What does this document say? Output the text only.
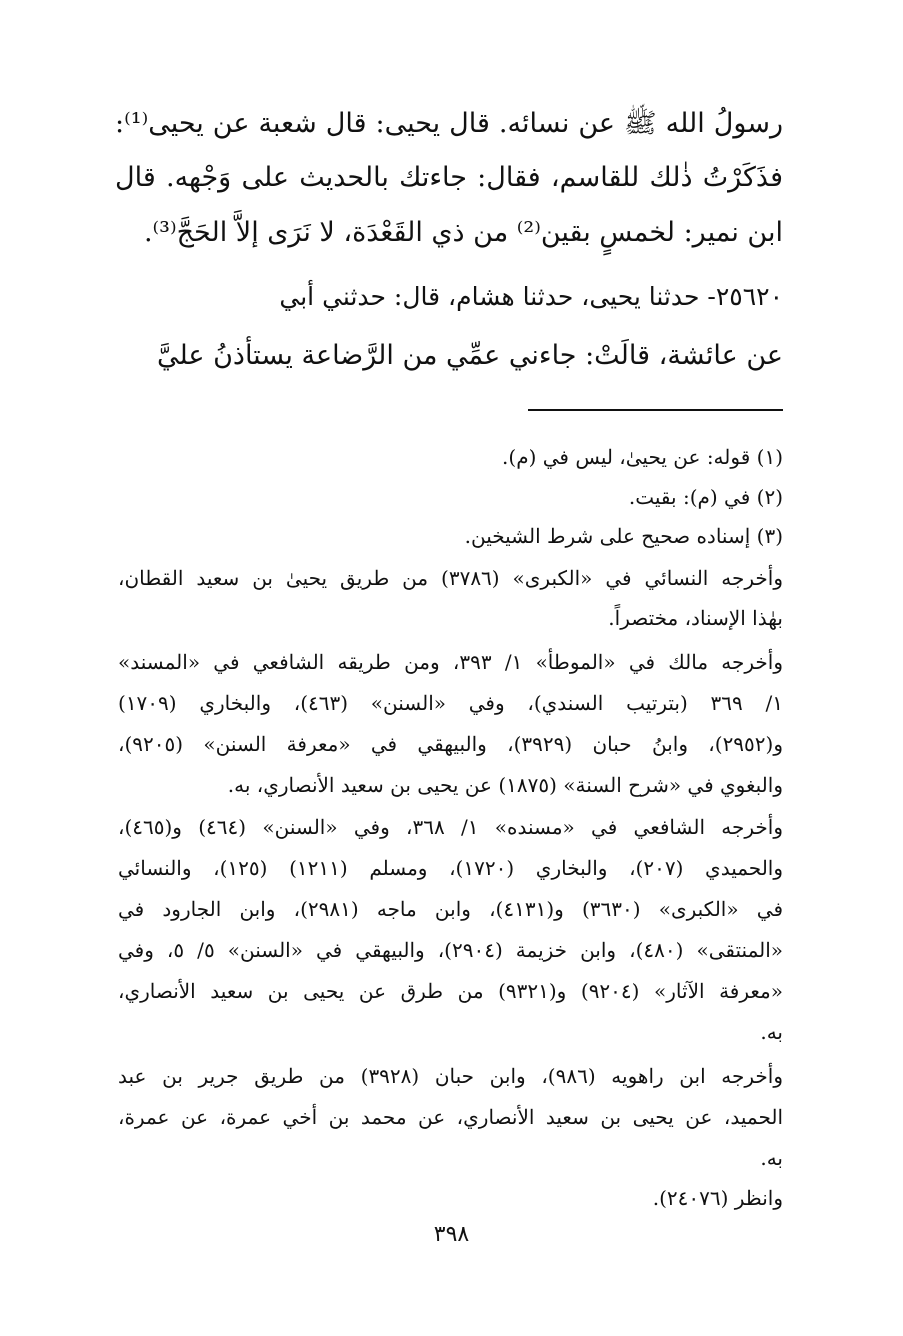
رسولُ الله ﷺ عن نسائه. قال يحيى: قال شعبة عن يحيى⁽¹⁾:
فذَكَرْتُ ذٰلك للقاسم، فقال: جاءتك بالحديث على وَجْهه. قال
ابن نمير: لخمسٍ بقين⁽²⁾ من ذي القَعْدَة، لا نَرَى إلاَّ الحَجَّ⁽³⁾.
٢٥٦٢٠- حدثنا يحيى، حدثنا هشام، قال: حدثني أبي
عن عائشة، قالَتْ: جاءني عمِّي من الرَّضاعة يستأذنُ عليَّ
(١) قوله: عن يحيىٰ، ليس في (م).
(٢) في (م): بقيت.
(٣) إسناده صحيح على شرط الشيخين.
وأخرجه النسائي في «الكبرى» (٣٧٨٦) من طريق يحيىٰ بن سعيد القطان،
بهٰذا الإسناد، مختصراً.
وأخرجه مالك في «الموطأ» ١/ ٣٩٣، ومن طريقه الشافعي في «المسند»
١/ ٣٦٩ (بترتيب السندي)، وفي «السنن» (٤٦٣)، والبخاري (١٧٠٩)
و(٢٩٥٢)، وابنُ حبان (٣٩٢٩)، والبيهقي في «معرفة السنن» (٩٢٠٥)،
والبغوي في «شرح السنة» (١٨٧٥) عن يحيى بن سعيد الأنصاري، به.
وأخرجه الشافعي في «مسنده» ١/ ٣٦٨، وفي «السنن» (٤٦٤) و(٤٦٥)،
والحميدي (٢٠٧)، والبخاري (١٧٢٠)، ومسلم (١٢١١) (١٢٥)، والنسائي
في «الكبرى» (٣٦٣٠) و(٤١٣١)، وابن ماجه (٢٩٨١)، وابن الجارود في
«المنتقى» (٤٨٠)، وابن خزيمة (٢٩٠٤)، والبيهقي في «السنن» ٥/ ٥، وفي
«معرفة الآثار» (٩٢٠٤) و(٩٣٢١) من طرق عن يحيى بن سعيد الأنصاري،
به.
وأخرجه ابن راهويه (٩٨٦)، وابن حبان (٣٩٢٨) من طريق جرير بن عبد
الحميد، عن يحيى بن سعيد الأنصاري، عن محمد بن أخي عمرة، عن عمرة،
به.
وانظر (٢٤٠٧٦).
٣٩٨
